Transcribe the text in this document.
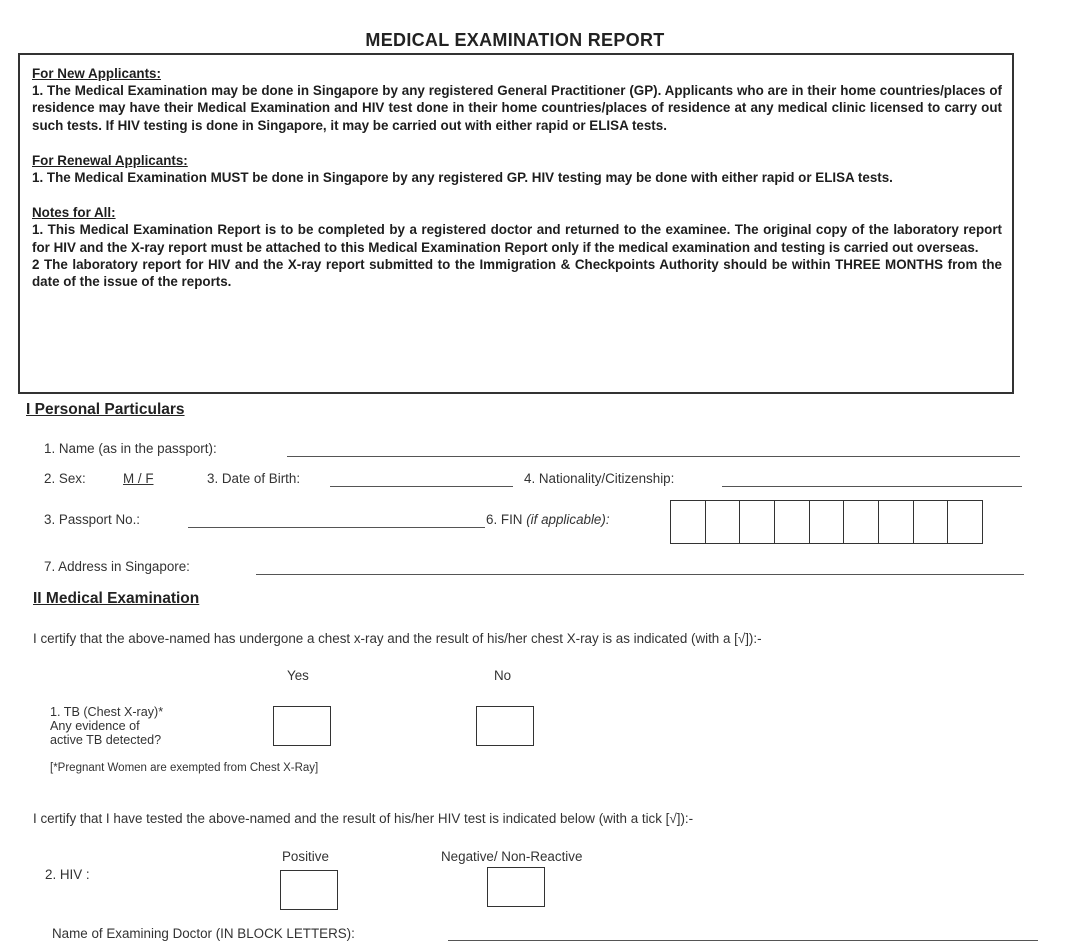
MEDICAL EXAMINATION REPORT
For New Applicants:

1. The Medical Examination may be done in Singapore by any registered General Practitioner (GP). Applicants who are in their home countries/places of residence may have their Medical Examination and HIV test done in their home countries/places of residence at any medical clinic licensed to carry out such tests. If HIV testing is done in Singapore, it may be carried out with either rapid or ELISA tests.

For Renewal Applicants:

1. The Medical Examination MUST be done in Singapore by any registered GP. HIV testing may be done with either rapid or ELISA tests.

Notes for All:

1. This Medical Examination Report is to be completed by a registered doctor and returned to the examinee. The original copy of the laboratory report for HIV and the X-ray report must be attached to this Medical Examination Report only if the medical examination and testing is carried out overseas.

2 The laboratory report for HIV and the X-ray report submitted to the Immigration & Checkpoints Authority should be within THREE MONTHS from the date of the issue of the reports.

I Personal Particulars
1. Name (as in the passport):
2. Sex:	M / F	3. Date of Birth:	4. Nationality/Citizenship:
3. Passport No.:	6. FIN (if applicable):
7. Address in Singapore:
II Medical Examination
I certify that the above-named has undergone a chest x-ray and the result of his/her chest X-ray is as indicated (with a [√]):-
Yes	No
1. TB (Chest X-ray)*
Any evidence of
active TB detected?
[*Pregnant Women are exempted from Chest X-Ray]
I certify that I have tested the above-named and the result of his/her HIV test is indicated below (with a tick [√]):-
Positive	Negative/ Non-Reactive
2. HIV :
Name of Examining Doctor (IN BLOCK LETTERS):
